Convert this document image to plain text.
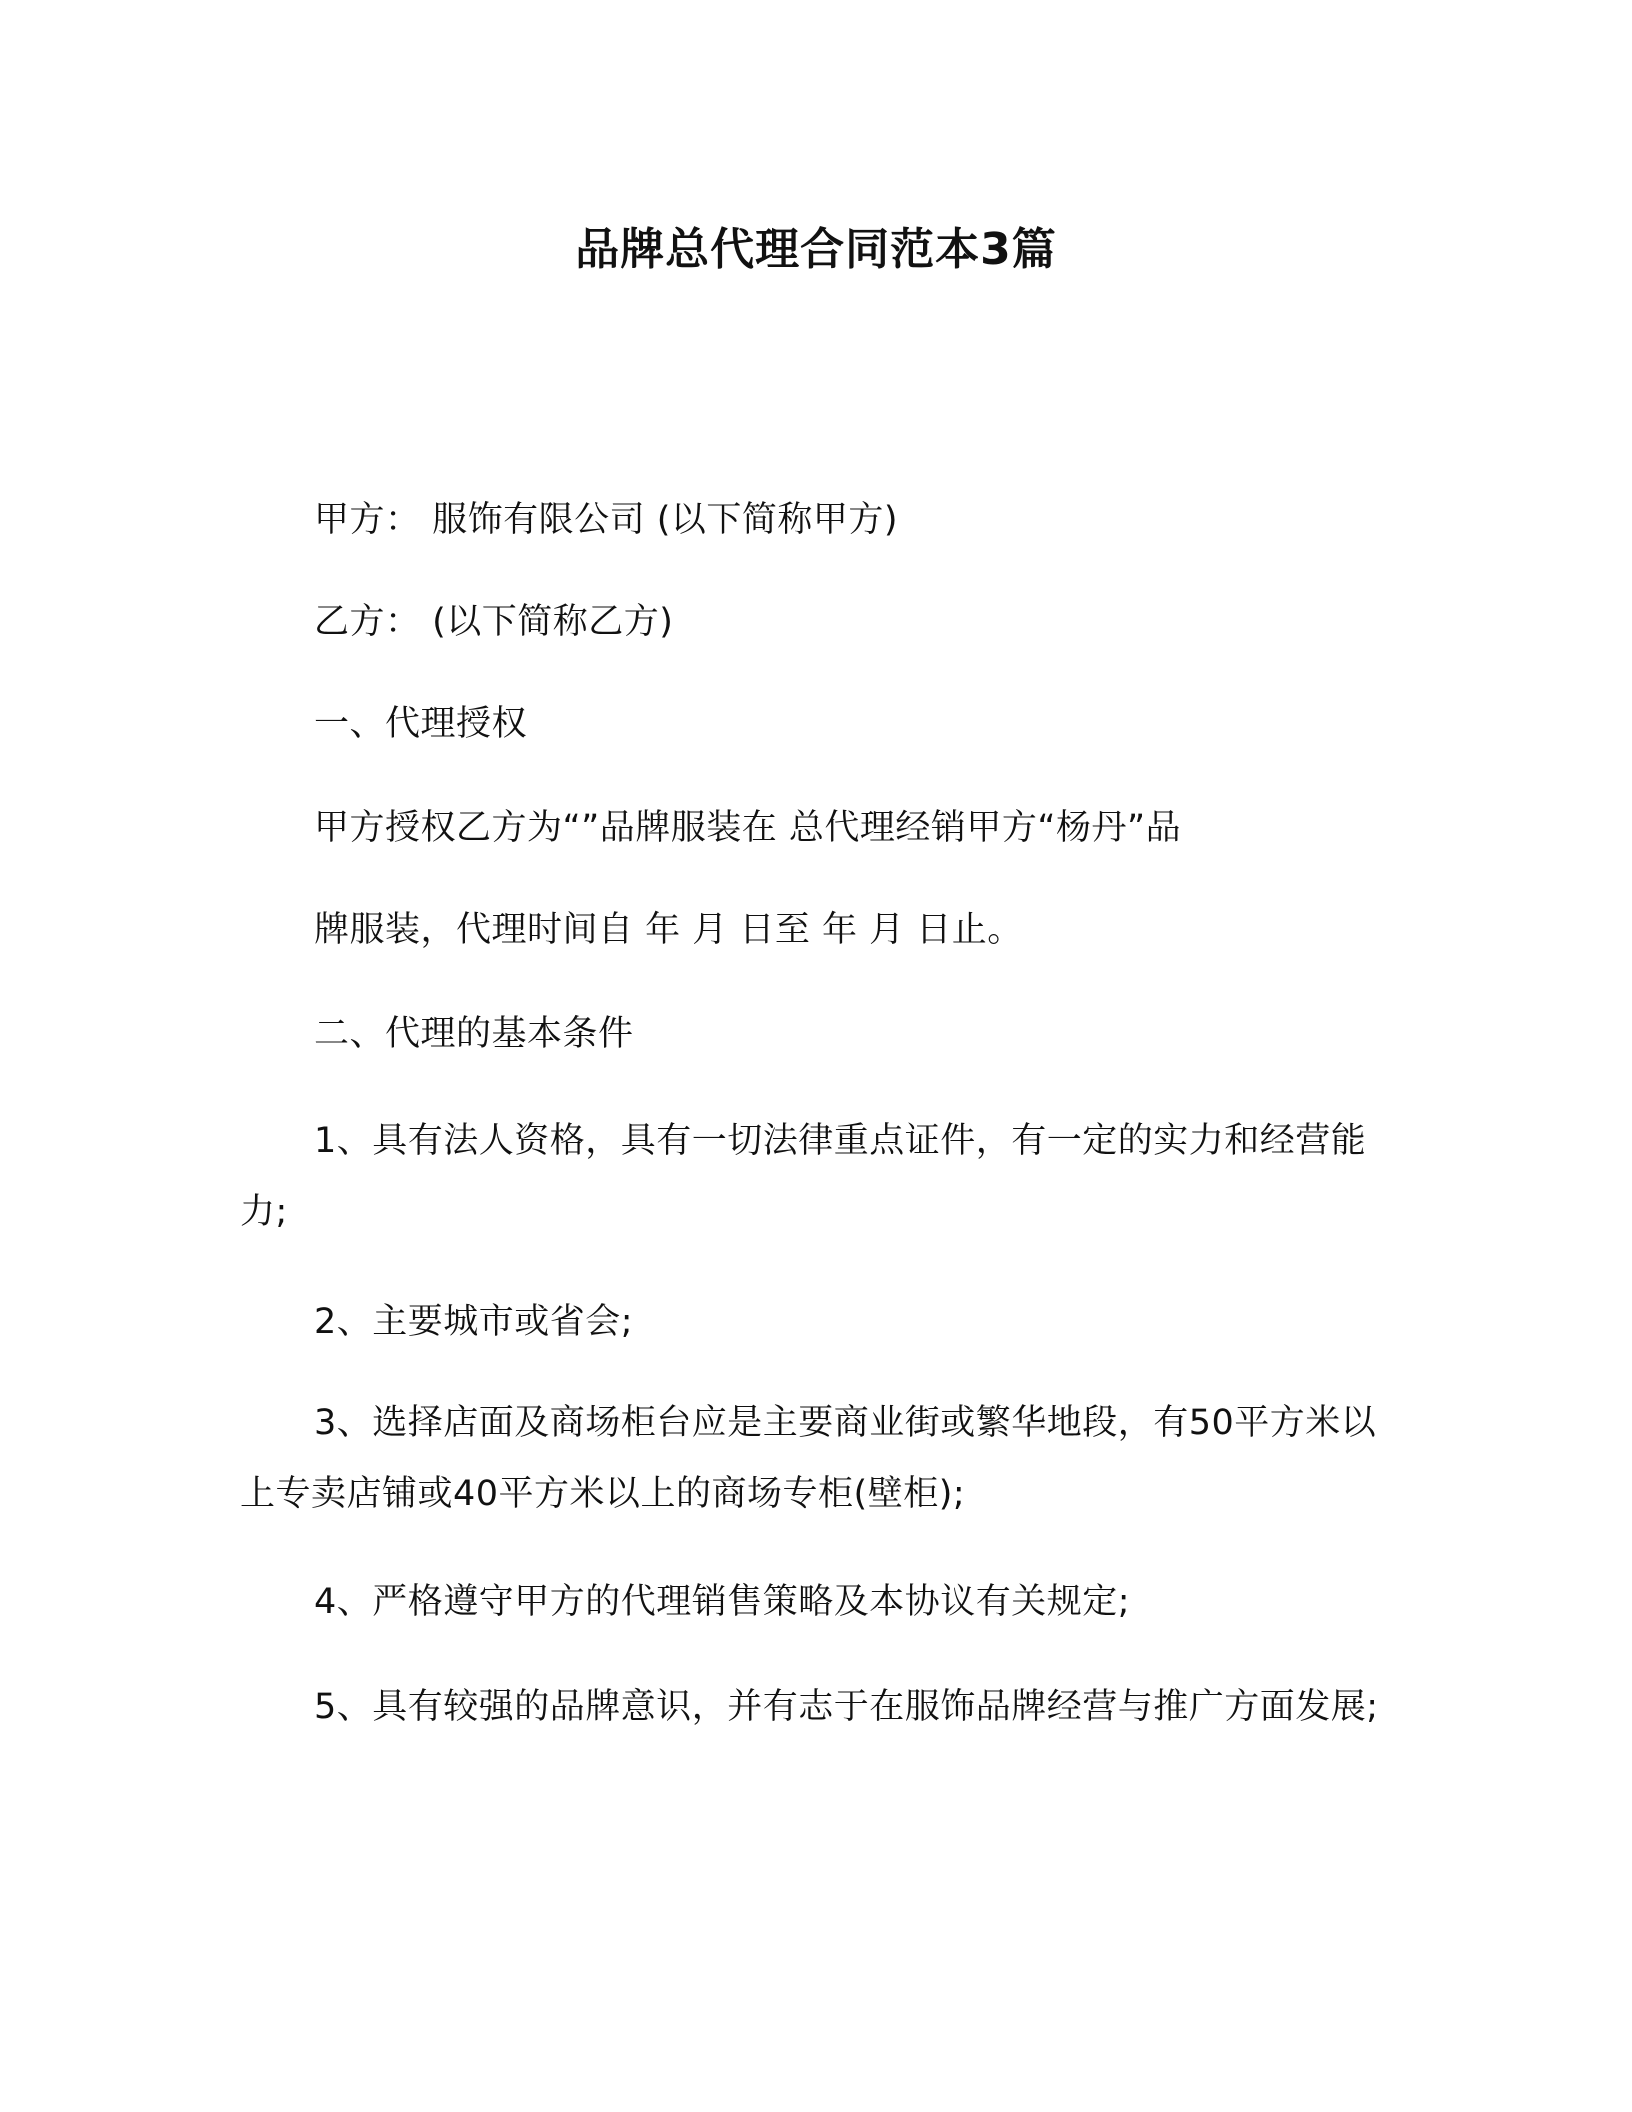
品牌总代理合同范本3篇
甲方： 服饰有限公司 (以下简称甲方)
乙方： (以下简称乙方)
一、代理授权
甲方授权乙方为“”品牌服装在 总代理经销甲方“杨丹”品
牌服装，代理时间自 年 月 日至 年 月 日止。
二、代理的基本条件
1、具有法人资格，具有一切法律重点证件，有一定的实力和经营能力;
2、主要城市或省会;
3、选择店面及商场柜台应是主要商业街或繁华地段，有50平方米以上专卖店铺或40平方米以上的商场专柜(壁柜);
4、严格遵守甲方的代理销售策略及本协议有关规定;
5、具有较强的品牌意识，并有志于在服饰品牌经营与推广方面发展;
